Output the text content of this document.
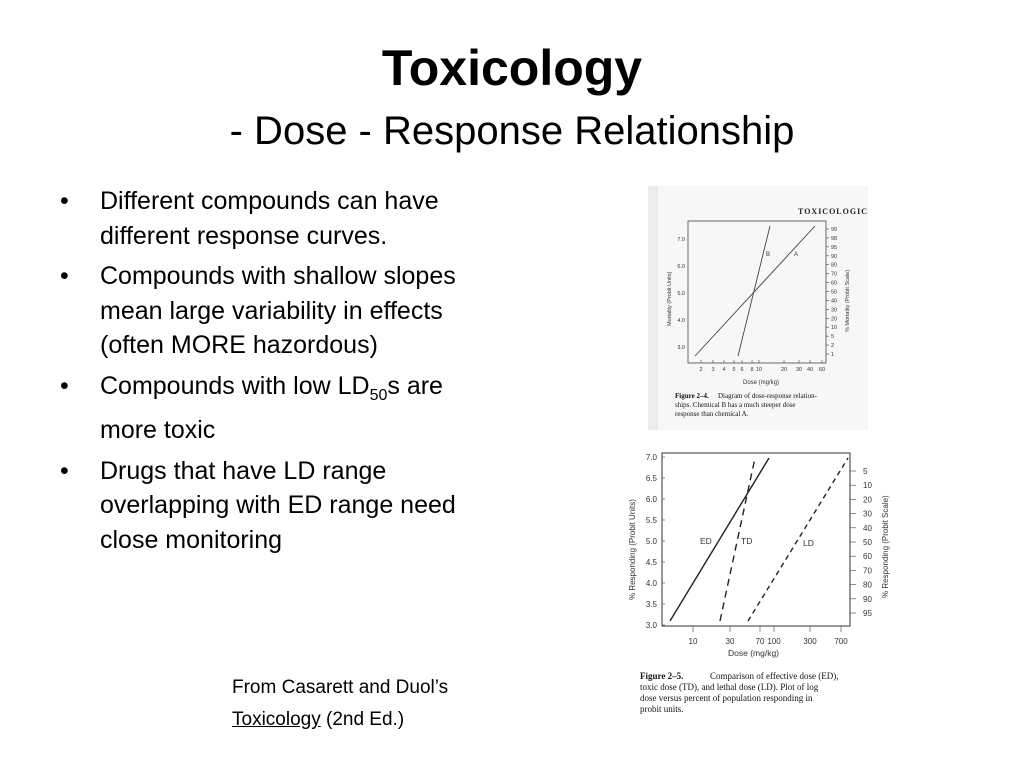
Toxicology
- Dose - Response Relationship
• Different compounds can have different response curves.
• Compounds with shallow slopes mean large variability in effects (often MORE hazordous)
• Compounds with low $LD_{50}s$ are more toxic
• Drugs that have LD range overlapping with ED range need close monitoring
From Casarett and Duol’s
Toxicology (2nd Ed.)
TOXICOLOGIC
7.0
6.0
5.0
4.0
3.0
99
98
95
90
80
70
60
50
40
30
20
10
5
2
1
2 3 4 5 6 8 10	20 30 40 60
Mortality (Probit Units)	% Mortality (Probit Scale)
Dose (mg/kg)
B	A
Figure 2–4. Diagram of dose-response relation-
ships. Chemical B has a much steeper dose
response than chemical A.
7.0
6.5
6.0
5.5
5.0
4.5
4.0
3.5
3.0
5
10
20
30
40
50
60
70
80
90
95
10	30	70 100	300 700
% Responding (Probit Units)	% Responding (Probit Scale)
Dose (mg/kg)
ED	TD	LD
Figure 2–5.	Comparison of effective dose (ED),
toxic dose (TD), and lethal dose (LD). Plot of log
dose versus percent of population responding in
probit units.
